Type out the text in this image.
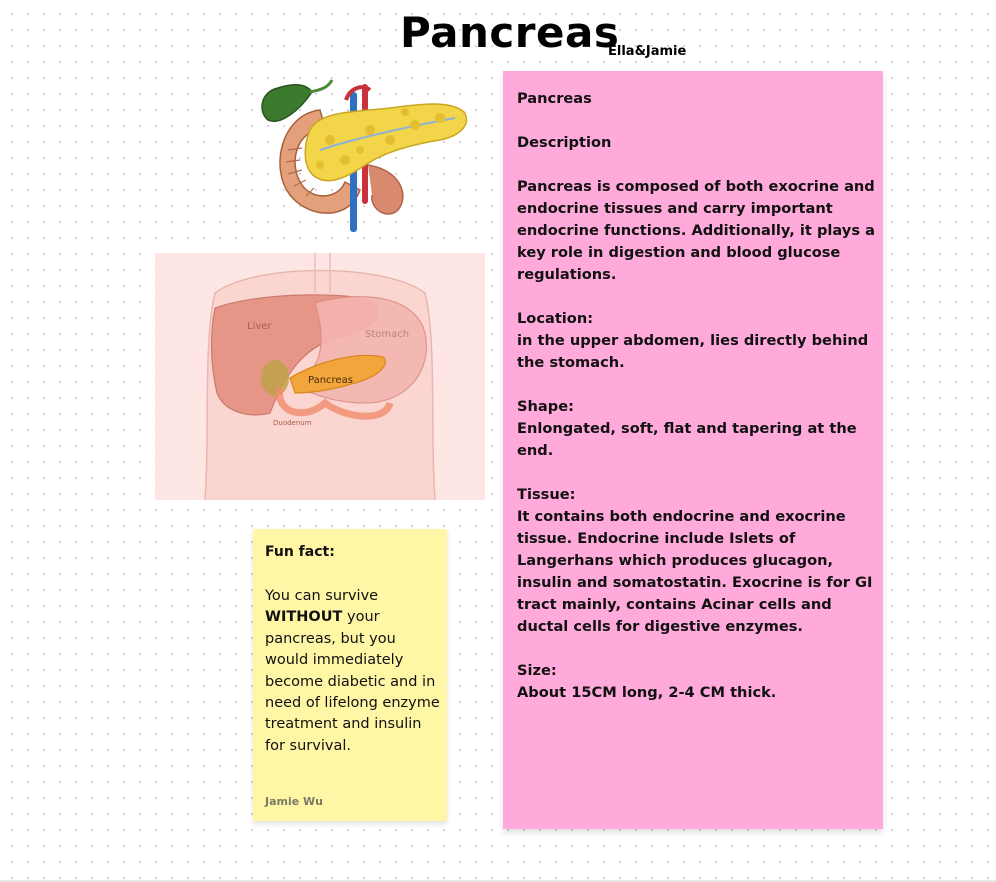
Pancreas
Ella&Jamie
Liver
Stomach
Pancreas
Duodenum
Fun fact:
You can survive WITHOUT your pancreas, but you would immediately become diabetic and in need of lifelong enzyme treatment and insulin for survival.
Jamie Wu

Pancreas

Description

Pancreas is composed of both exocrine and endocrine tissues and carry important endocrine functions. Additionally, it plays a key role in digestion and blood glucose regulations.

Location:

in the upper abdomen, lies directly behind the stomach.

Shape:

Enlongated, soft, flat and tapering at the end.

Tissue:

It contains both endocrine and exocrine tissue. Endocrine include Islets of Langerhans which produces glucagon, insulin and somatostatin. Exocrine is for GI tract mainly, contains Acinar cells and ductal cells for digestive enzymes.

Size:

About 15CM long, 2-4 CM thick.
